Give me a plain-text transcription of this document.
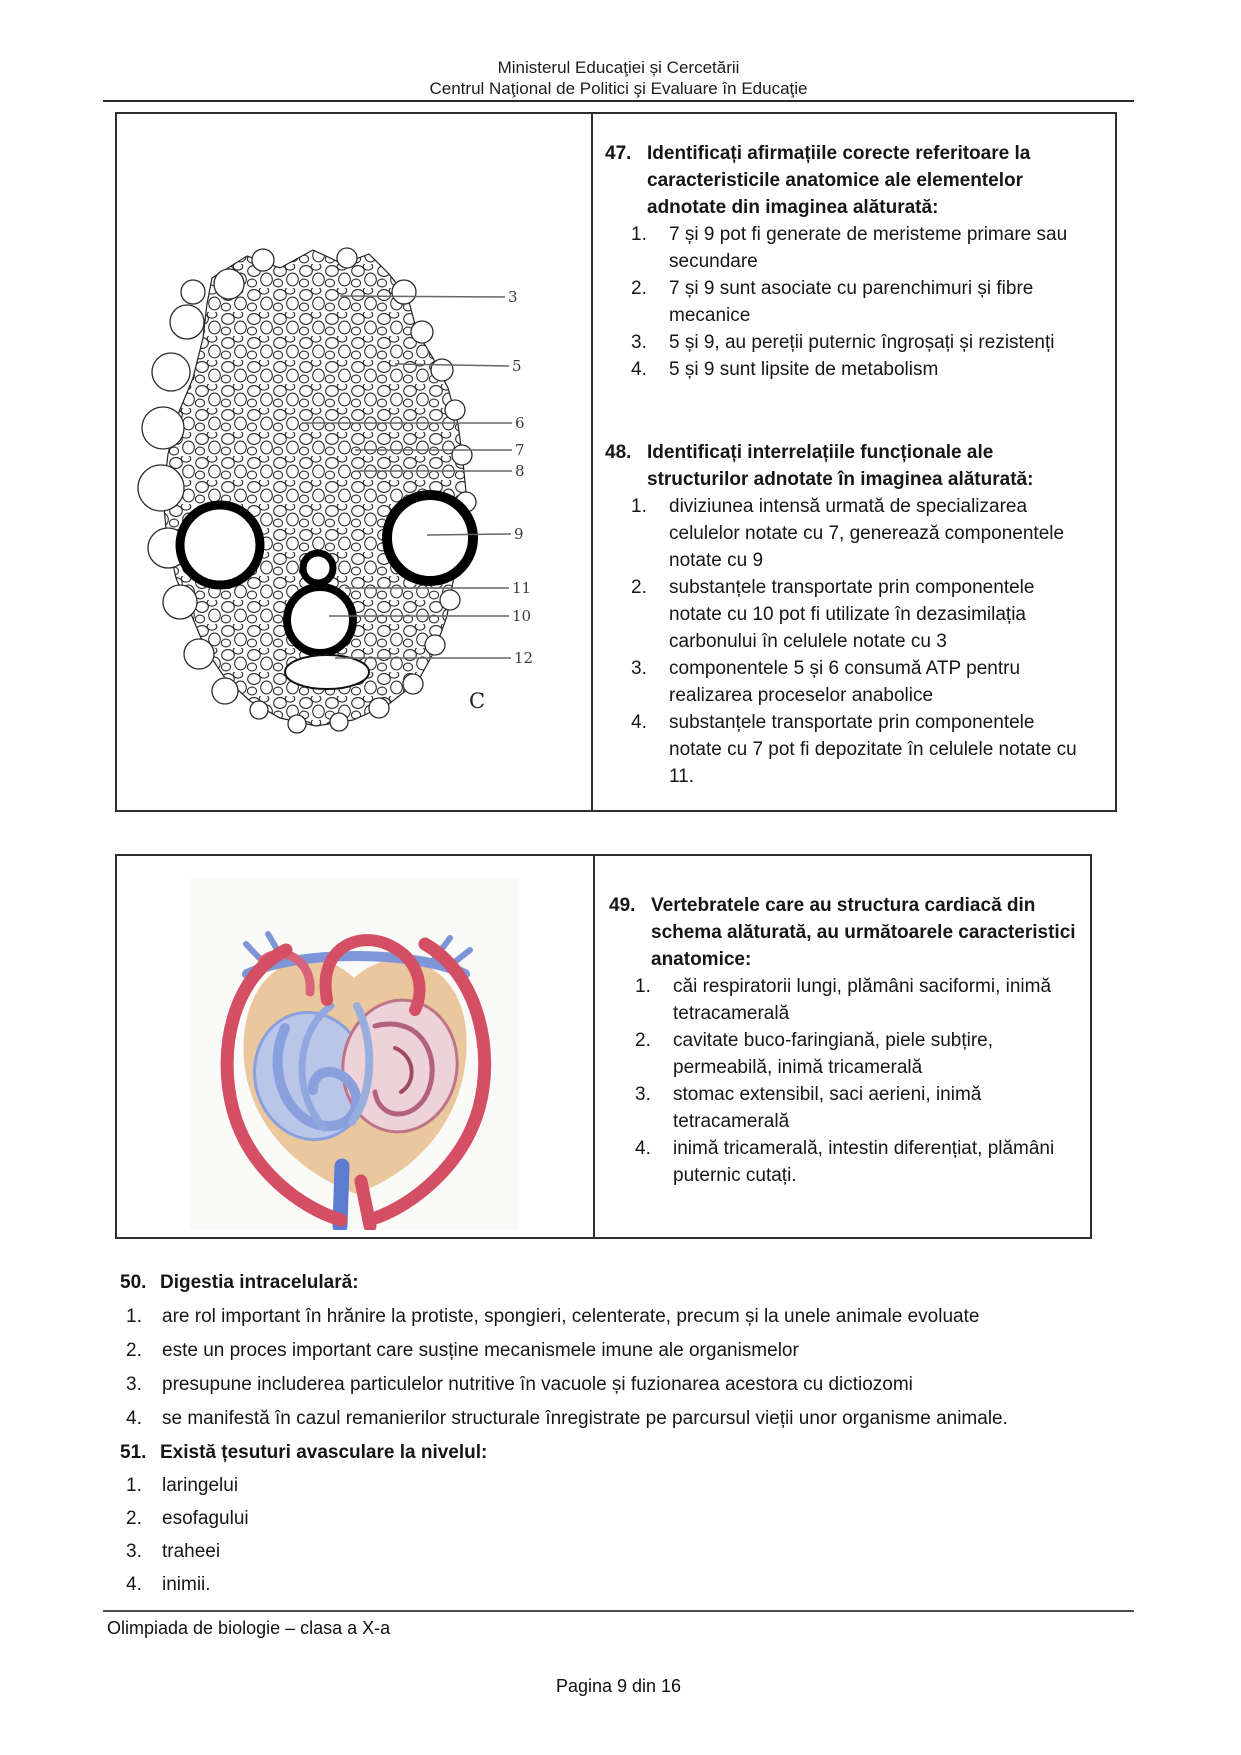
Ministerul Educaţiei și Cercetării
Centrul Naţional de Politici şi Evaluare în Educaţie
47. Identificați afirmațiile corecte referitoare la caracteristicile anatomice ale elementelor adnotate din imaginea alăturată:
1.	7 și 9 pot fi generate de meristeme primare sau secundare
2.	7 și 9 sunt asociate cu parenchimuri și fibre mecanice
3.	5 și 9, au pereții puternic îngroșați și rezistenți
4.	5 și 9 sunt lipsite de metabolism
48. Identificați interrelațiile funcționale ale structurilor adnotate în imaginea alăturată:
1.	diviziunea intensă urmată de specializarea celulelor notate cu 7, generează componentele notate cu 9
2.	substanțele transportate prin componentele notate cu 10 pot fi utilizate în dezasimilația carbonului în celulele notate cu 3
3.	componentele 5 și 6 consumă ATP pentru realizarea proceselor anabolice
4.	substanțele transportate prin componentele notate cu 7 pot fi depozitate în celulele notate cu 11.
3
5
6
7
8
9
11
10
12
C
49. Vertebratele care au structura cardiacă din schema alăturată, au următoarele caracteristici anatomice:
1.	căi respiratorii lungi, plămâni saciformi, inimă tetracamerală
2.	cavitate buco-faringiană, piele subțire, permeabilă, inimă tricamerală
3.	stomac extensibil, saci aerieni, inimă tetracamerală
4.	inimă tricamerală, intestin diferențiat, plămâni puternic cutați.
50. Digestia intracelulară:
1.	are rol important în hrănire la protiste, spongieri, celenterate, precum și la unele animale evoluate
2.	este un proces important care susține mecanismele imune ale organismelor
3.	presupune includerea particulelor nutritive în vacuole și fuzionarea acestora cu dictiozomi
4.	se manifestă în cazul remanierilor structurale înregistrate pe parcursul vieții unor organisme animale.
51. Există țesuturi avasculare la nivelul:
1.	laringelui
2.	esofagului
3.	traheei
4.	inimii.
Olimpiada de biologie – clasa a X-a
Pagina 9 din 16
